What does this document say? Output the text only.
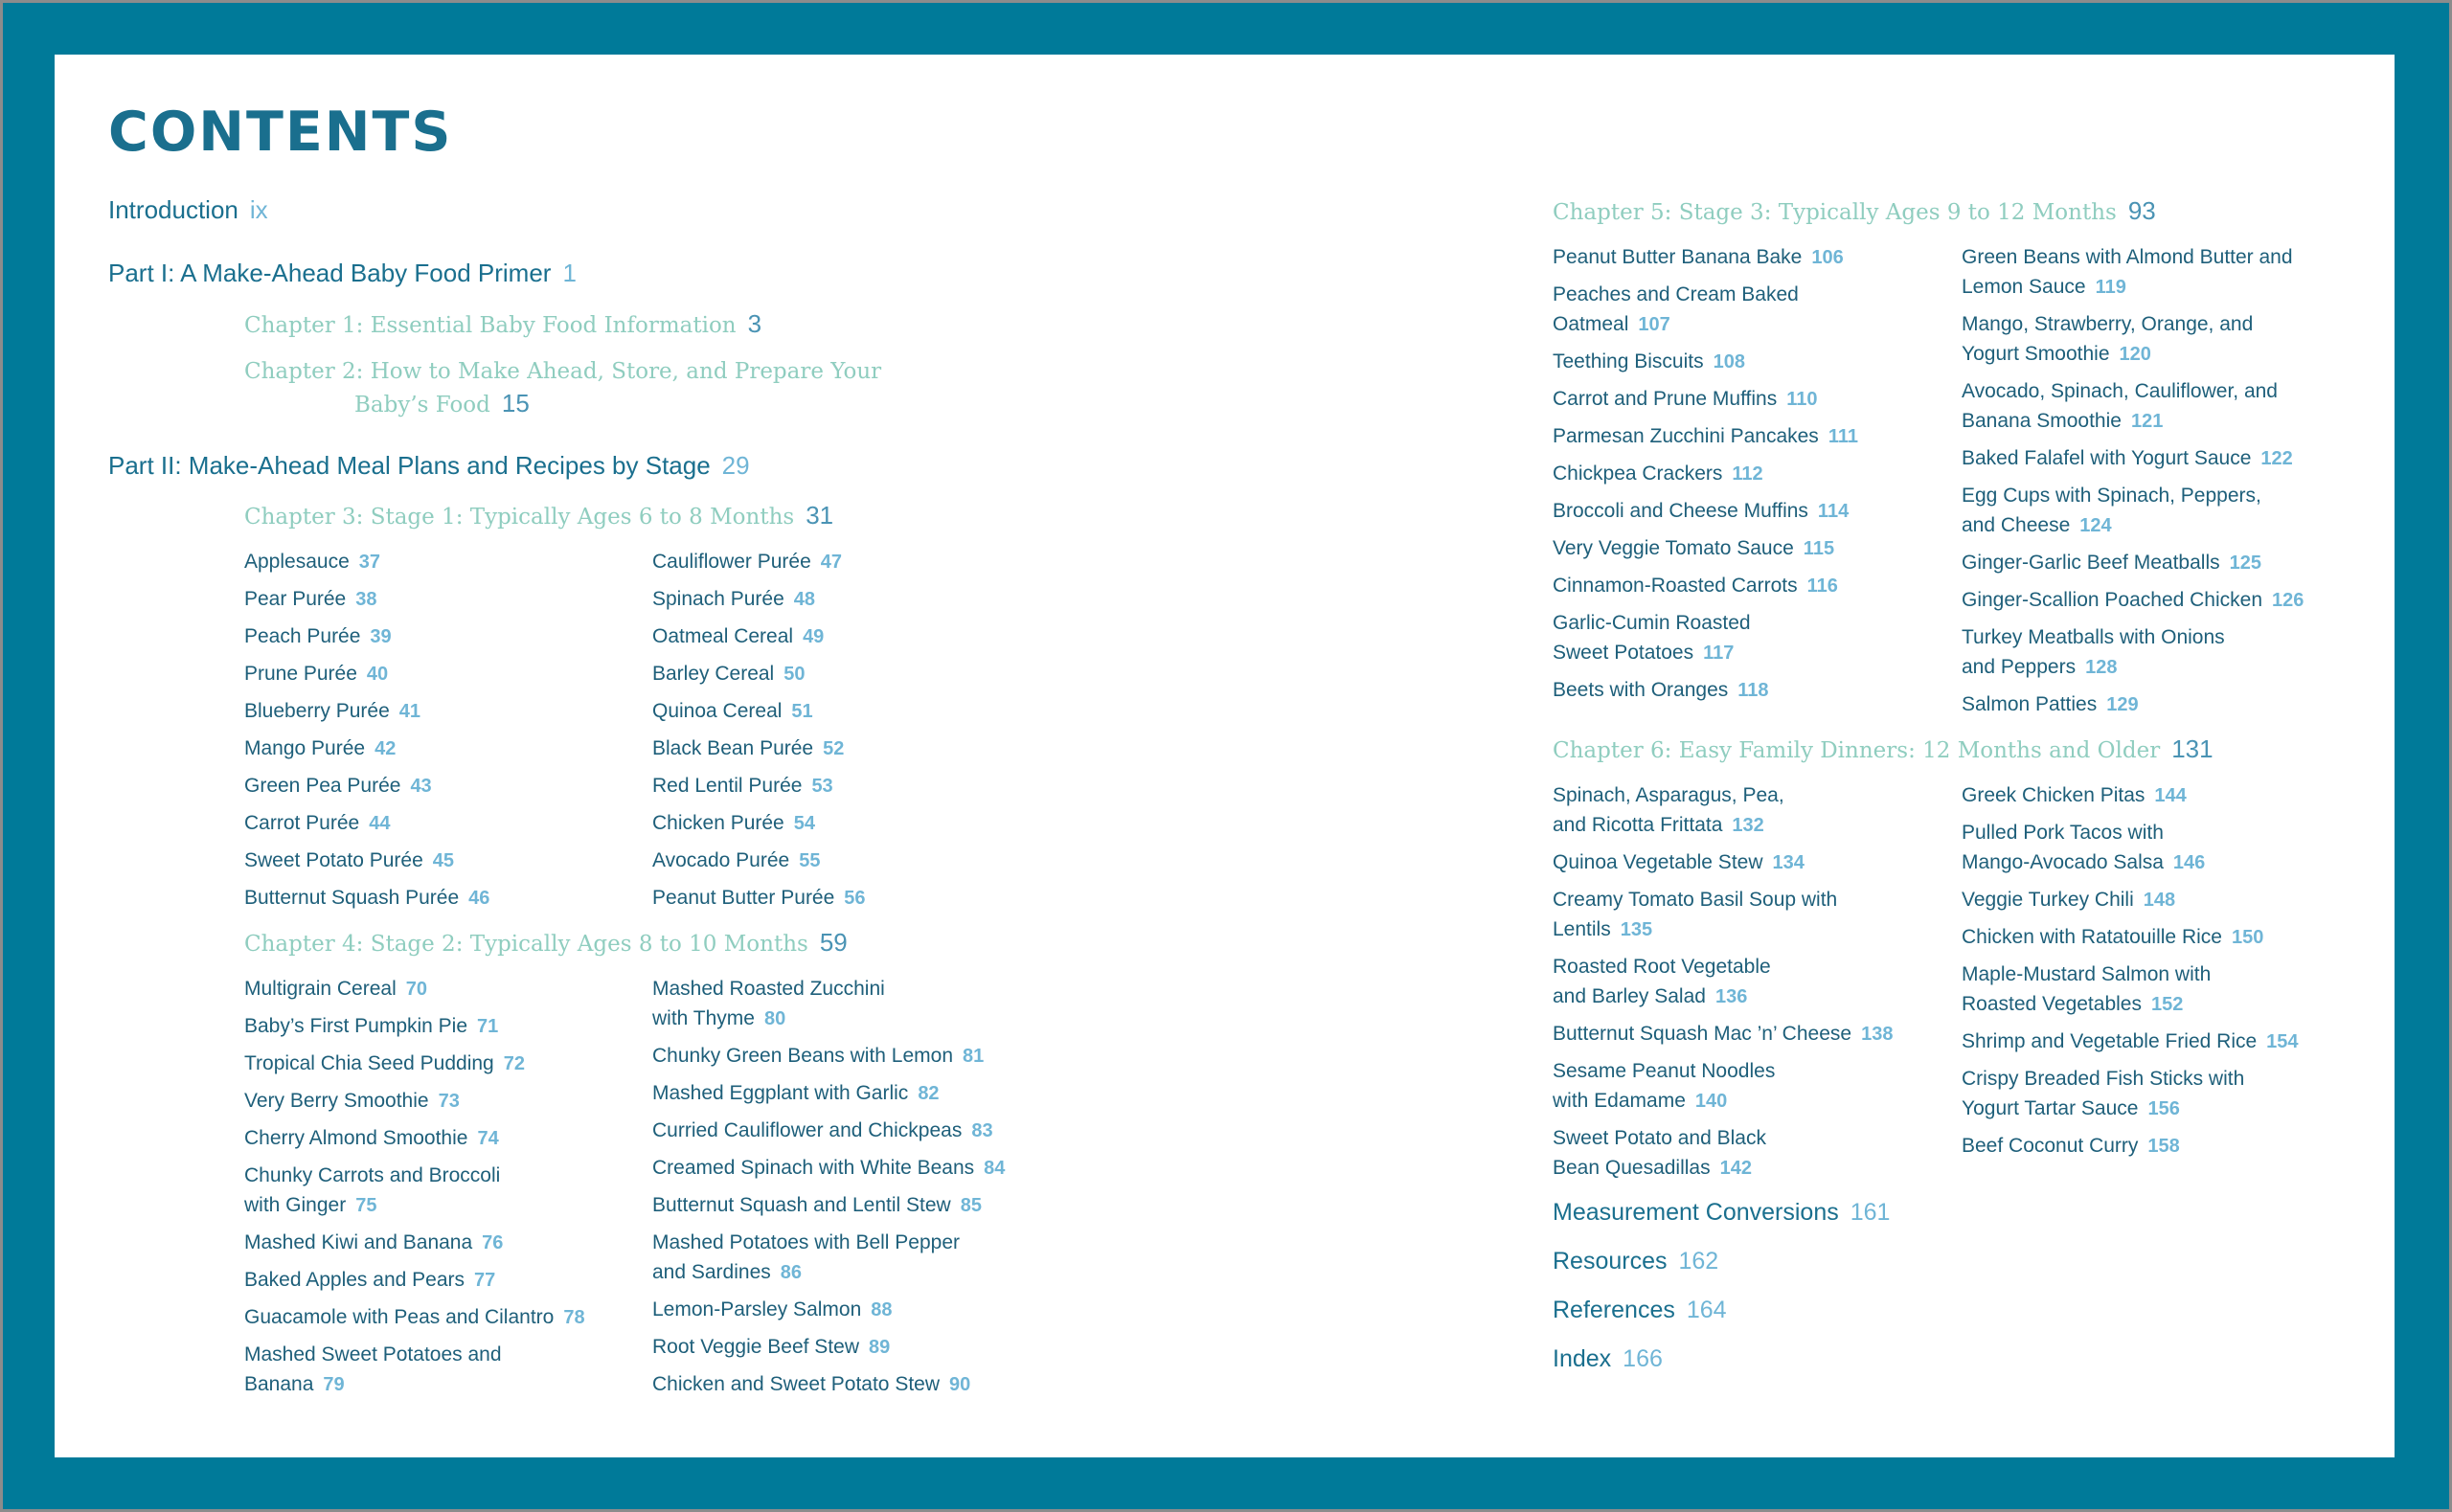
CONTENTS

Introduction ix

Part I: A Make-Ahead Baby Food Primer 1

Chapter 1: Essential Baby Food Information 3

Chapter 2: How to Make Ahead, Store, and Prepare Your
Baby’s Food 15

Part II: Make-Ahead Meal Plans and Recipes by Stage 29

Chapter 3: Stage 1: Typically Ages 6 to 8 Months 31

Applesauce 37
Pear Purée 38
Peach Purée 39
Prune Purée 40
Blueberry Purée 41
Mango Purée 42
Green Pea Purée 43
Carrot Purée 44
Sweet Potato Purée 45
Butternut Squash Purée 46
Cauliflower Purée 47
Spinach Purée 48
Oatmeal Cereal 49
Barley Cereal 50
Quinoa Cereal 51
Black Bean Purée 52
Red Lentil Purée 53
Chicken Purée 54
Avocado Purée 55
Peanut Butter Purée 56

Chapter 4: Stage 2: Typically Ages 8 to 10 Months 59

Multigrain Cereal 70
Baby’s First Pumpkin Pie 71
Tropical Chia Seed Pudding 72
Very Berry Smoothie 73
Cherry Almond Smoothie 74
Chunky Carrots and Broccoli
with Ginger 75
Mashed Kiwi and Banana 76
Baked Apples and Pears 77
Guacamole with Peas and Cilantro 78
Mashed Sweet Potatoes and
Banana 79
Mashed Roasted Zucchini
with Thyme 80
Chunky Green Beans with Lemon 81
Mashed Eggplant with Garlic 82
Curried Cauliflower and Chickpeas 83
Creamed Spinach with White Beans 84
Butternut Squash and Lentil Stew 85
Mashed Potatoes with Bell Pepper
and Sardines 86
Lemon-Parsley Salmon 88
Root Veggie Beef Stew 89
Chicken and Sweet Potato Stew 90

Chapter 5: Stage 3: Typically Ages 9 to 12 Months 93

Peanut Butter Banana Bake 106
Peaches and Cream Baked
Oatmeal 107
Teething Biscuits 108
Carrot and Prune Muffins 110
Parmesan Zucchini Pancakes 111
Chickpea Crackers 112
Broccoli and Cheese Muffins 114
Very Veggie Tomato Sauce 115
Cinnamon-Roasted Carrots 116
Garlic-Cumin Roasted
Sweet Potatoes 117
Beets with Oranges 118
Green Beans with Almond Butter and
Lemon Sauce 119
Mango, Strawberry, Orange, and
Yogurt Smoothie 120
Avocado, Spinach, Cauliflower, and
Banana Smoothie 121
Baked Falafel with Yogurt Sauce 122
Egg Cups with Spinach, Peppers,
and Cheese 124
Ginger-Garlic Beef Meatballs 125
Ginger-Scallion Poached Chicken 126
Turkey Meatballs with Onions
and Peppers 128
Salmon Patties 129

Chapter 6: Easy Family Dinners: 12 Months and Older 131

Spinach, Asparagus, Pea,
and Ricotta Frittata 132
Quinoa Vegetable Stew 134
Creamy Tomato Basil Soup with
Lentils 135
Roasted Root Vegetable
and Barley Salad 136
Butternut Squash Mac ’n’ Cheese 138
Sesame Peanut Noodles
with Edamame 140
Sweet Potato and Black
Bean Quesadillas 142
Greek Chicken Pitas 144
Pulled Pork Tacos with
Mango-Avocado Salsa 146
Veggie Turkey Chili 148
Chicken with Ratatouille Rice 150
Maple-Mustard Salmon with
Roasted Vegetables 152
Shrimp and Vegetable Fried Rice 154
Crispy Breaded Fish Sticks with
Yogurt Tartar Sauce 156
Beef Coconut Curry 158

Measurement Conversions 161

Resources 162

References 164

Index 166
